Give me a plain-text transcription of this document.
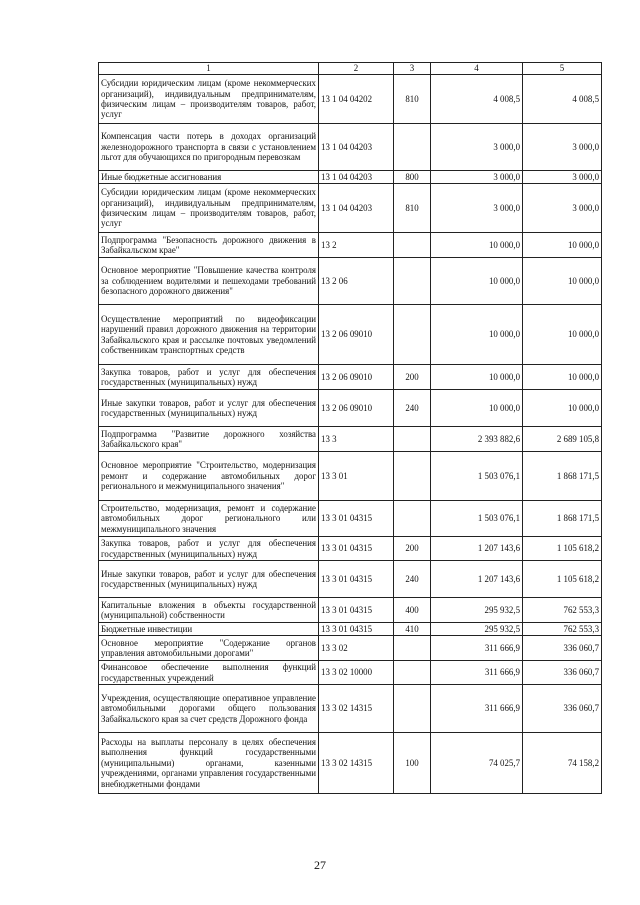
1	2	3	4	5
Субсидии юридическим лицам (кроме некоммерческих организаций), индивидуальным предпринимателям, физическим лицам – производителям товаров, работ, услуг	13 1 04 04202	810	4 008,5	4 008,5
Компенсация части потерь в доходах организаций железнодорожного транспорта в связи с установлением льгот для обучающихся по пригородным перевозкам	13 1 04 04203		3 000,0	3 000,0
Иные бюджетные ассигнования	13 1 04 04203	800	3 000,0	3 000,0
Субсидии юридическим лицам (кроме некоммерческих организаций), индивидуальным предпринимателям, физическим лицам – производителям товаров, работ, услуг	13 1 04 04203	810	3 000,0	3 000,0
Подпрограмма "Безопасность дорожного движения в Забайкальском крае"	13 2		10 000,0	10 000,0
Основное мероприятие "Повышение качества контроля за соблюдением водителями и пешеходами требований безопасного дорожного движения"	13 2 06		10 000,0	10 000,0
Осуществление мероприятий по видеофиксации нарушений правил дорожного движения на территории Забайкальского края и рассылке почтовых уведомлений собственникам транспортных средств	13 2 06 09010		10 000,0	10 000,0
Закупка товаров, работ и услуг для обеспечения государственных (муниципальных) нужд	13 2 06 09010	200	10 000,0	10 000,0
Иные закупки товаров, работ и услуг для обеспечения государственных (муниципальных) нужд	13 2 06 09010	240	10 000,0	10 000,0
Подпрограмма "Развитие дорожного хозяйства Забайкальского края"	13 3		2 393 882,6	2 689 105,8
Основное мероприятие "Строительство, модернизация ремонт и содержание автомобильных дорог регионального и межмуниципального значения"	13 3 01		1 503 076,1	1 868 171,5
Строительство, модернизация, ремонт и содержание автомобильных дорог регионального или межмуниципального значения	13 3 01 04315		1 503 076,1	1 868 171,5
Закупка товаров, работ и услуг для обеспечения государственных (муниципальных) нужд	13 3 01 04315	200	1 207 143,6	1 105 618,2
Иные закупки товаров, работ и услуг для обеспечения государственных (муниципальных) нужд	13 3 01 04315	240	1 207 143,6	1 105 618,2
Капитальные вложения в объекты государственной (муниципальной) собственности	13 3 01 04315	400	295 932,5	762 553,3
Бюджетные инвестиции	13 3 01 04315	410	295 932,5	762 553,3
Основное мероприятие "Содержание органов управления автомобильными дорогами"	13 3 02		311 666,9	336 060,7
Финансовое обеспечение выполнения функций государственных учреждений	13 3 02 10000		311 666,9	336 060,7
Учреждения, осуществляющие оперативное управление автомобильными дорогами общего пользования Забайкальского края за счет средств Дорожного фонда	13 3 02 14315		311 666,9	336 060,7
Расходы на выплаты персоналу в целях обеспечения выполнения функций государственными (муниципальными) органами, казенными учреждениями, органами управления государственными внебюджетными фондами	13 3 02 14315	100	74 025,7	74 158,2
27
